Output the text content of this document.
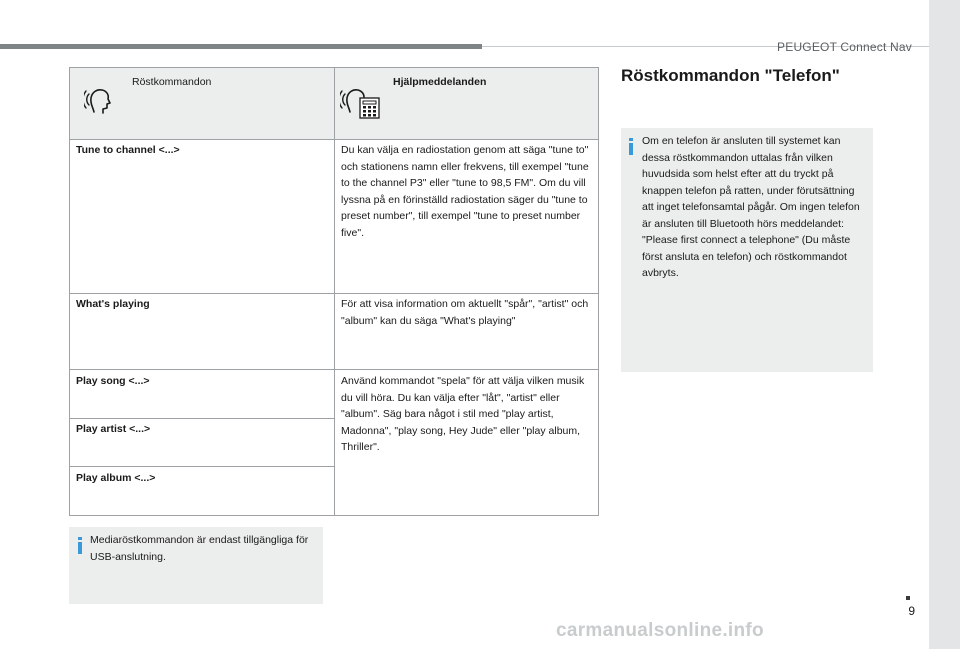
PEUGEOT Connect Nav
Röstkommandon	Hjälpmeddelanden
Tune to channel <...>	Du kan välja en radiostation genom att säga "tune to" och stationens namn eller frekvens, till exempel "tune to the channel P3" eller "tune to 98,5 FM". Om du vill lyssna på en förinställd radiostation säger du "tune to preset number", till exempel "tune to preset number five".
What's playing	För att visa information om aktuellt "spår", "artist" och "album" kan du säga "What's playing"
Play song <...>	Använd kommandot "spela" för att välja vilken musik du vill höra. Du kan välja efter "låt", "artist" eller "album". Säg bara något i stil med "play artist, Madonna", "play song, Hey Jude" eller "play album, Thriller".
Play artist <...>
Play album <...>
Mediaröstkommandon är endast tillgängliga för USB-anslutning.
Röstkommandon "Telefon"
Om en telefon är ansluten till systemet kan dessa röstkommandon uttalas från vilken huvudsida som helst efter att du tryckt på knappen telefon på ratten, under förutsättning att inget telefonsamtal pågår. Om ingen telefon är ansluten till Bluetooth hörs meddelandet: "Please first connect a telephone" (Du måste först ansluta en telefon) och röstkommandot avbryts.
9
carmanualsonline.info
